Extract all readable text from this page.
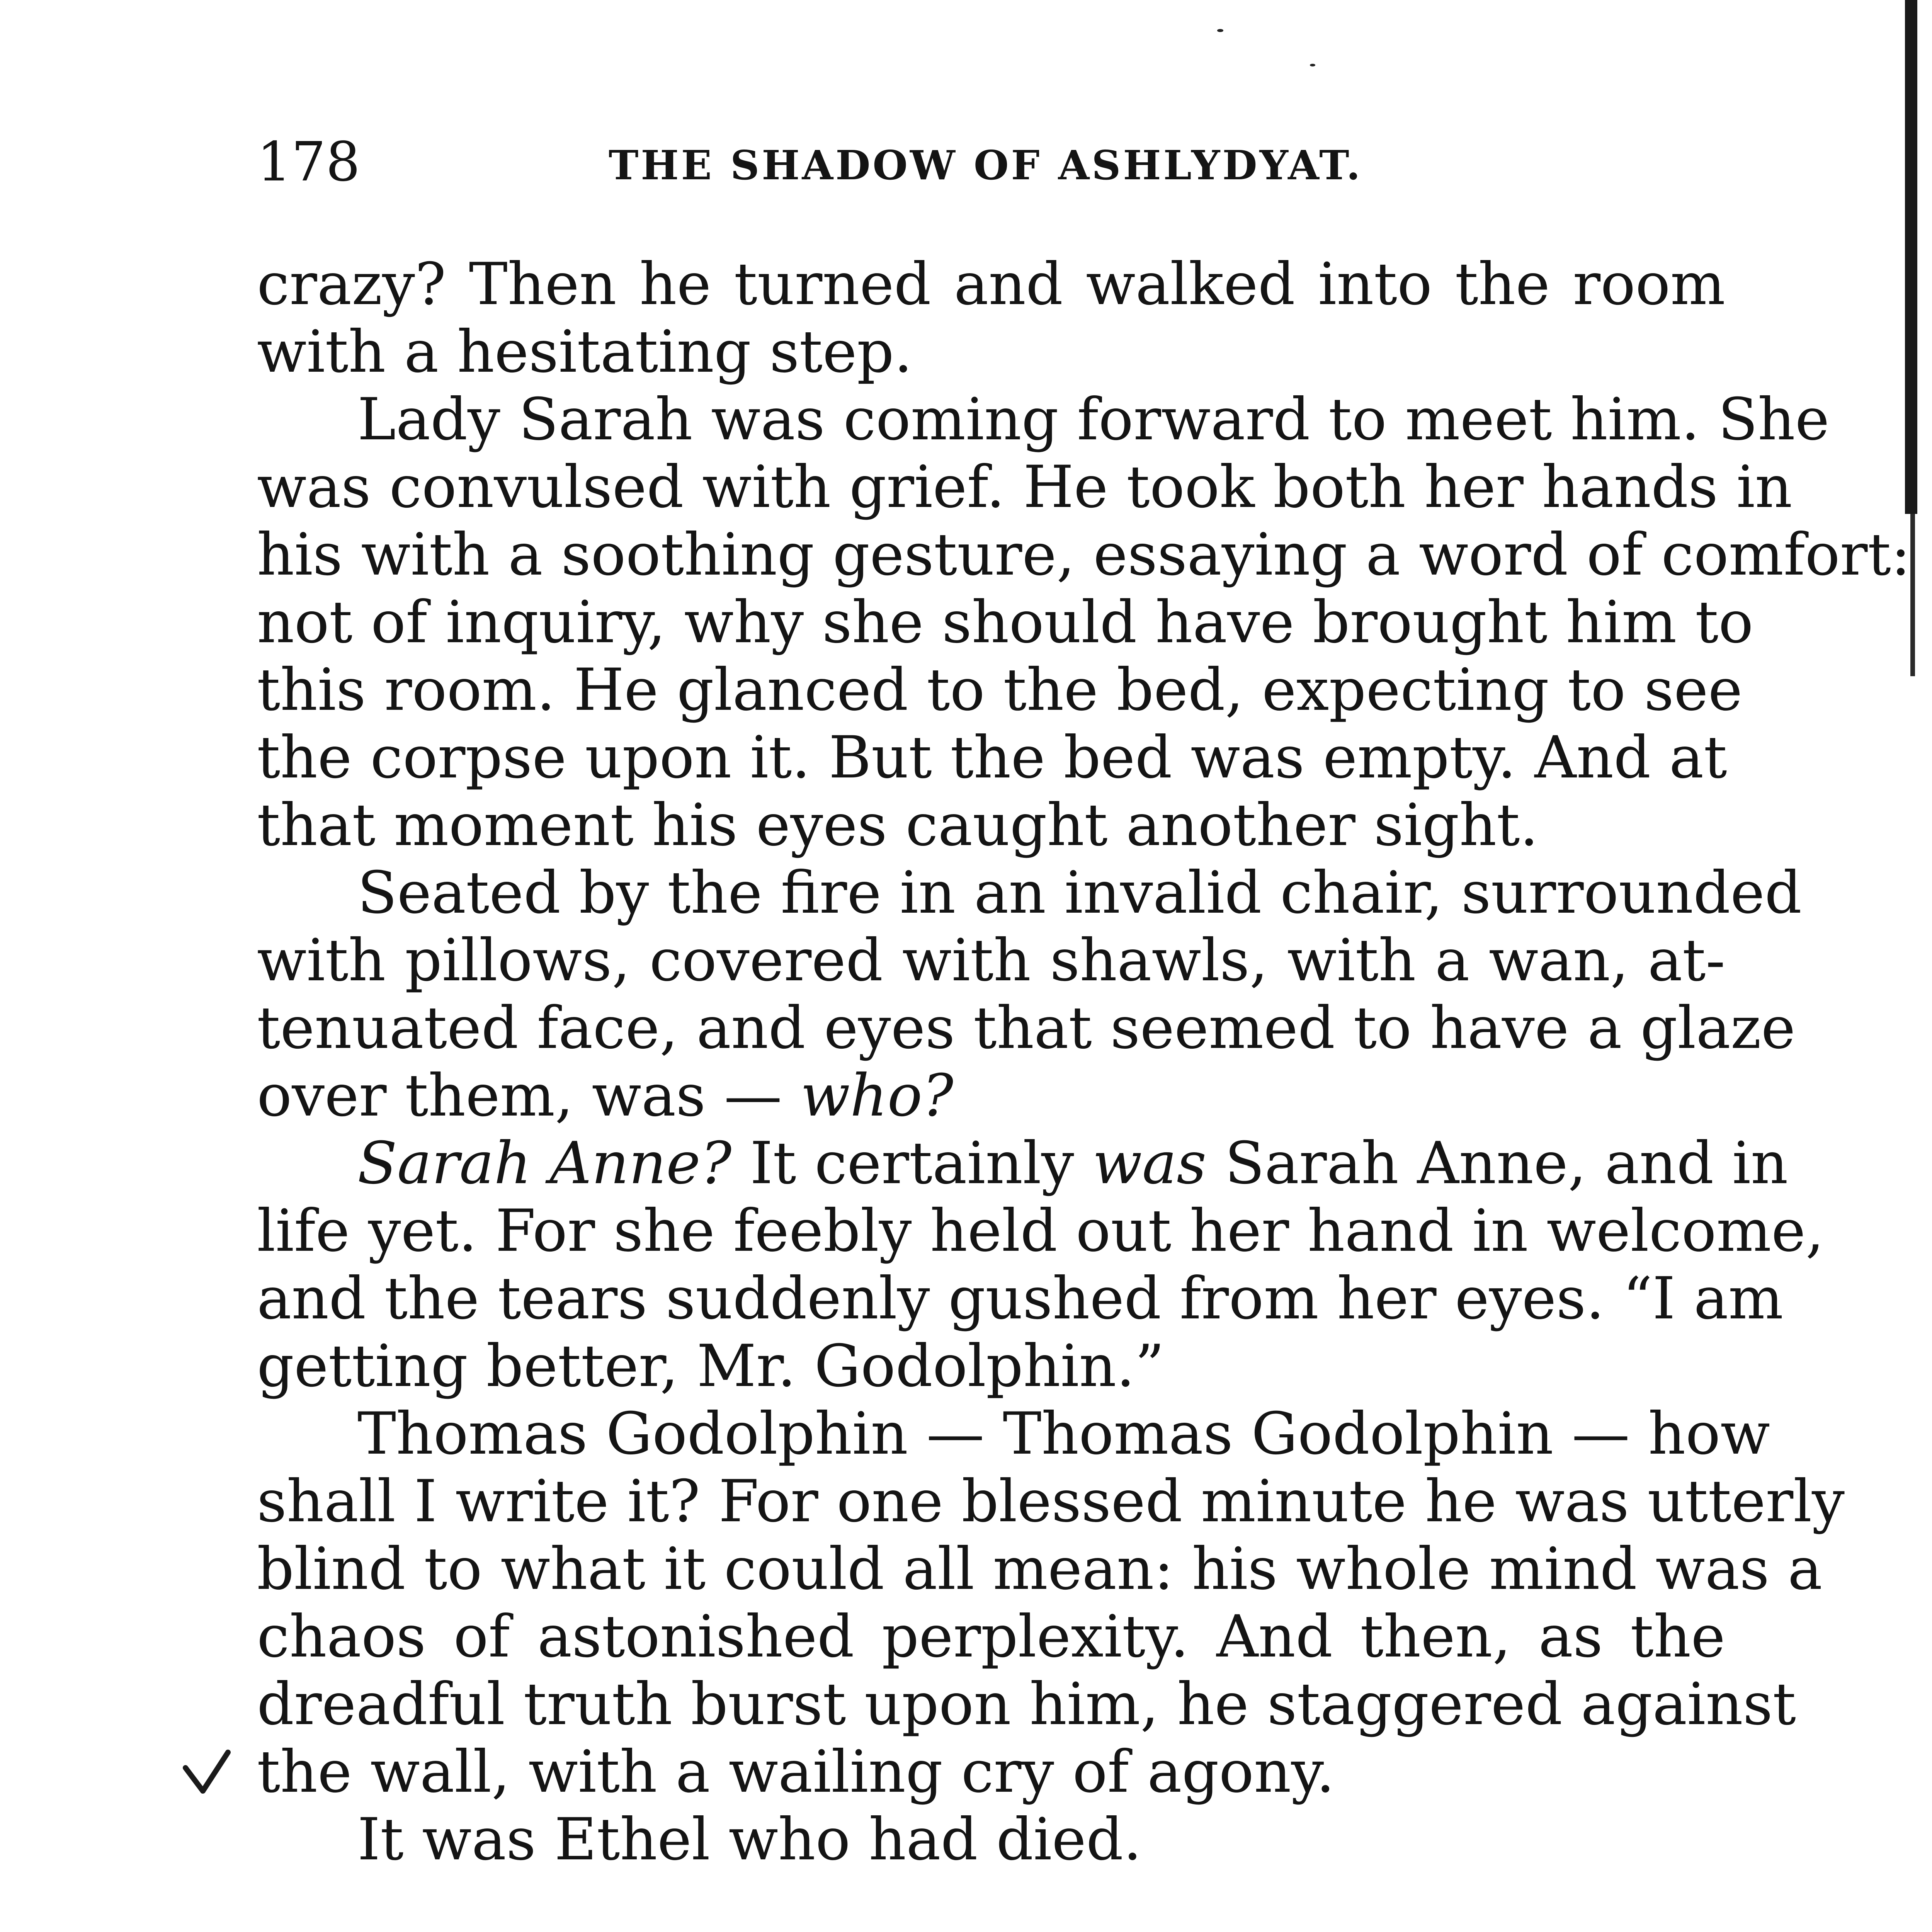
178	THE SHADOW OF ASHLYDYAT.
crazy? Then he turned and walked into the room
with a hesitating step.
Lady Sarah was coming forward to meet him. She
was convulsed with grief. He took both her hands in
his with a soothing gesture, essaying a word of comfort:
not of inquiry, why she should have brought him to
this room. He glanced to the bed, expecting to see
the corpse upon it. But the bed was empty. And at
that moment his eyes caught another sight.
Seated by the fire in an invalid chair, surrounded
with pillows, covered with shawls, with a wan, at-
tenuated face, and eyes that seemed to have a glaze
over them, was — who?
Sarah Anne? It certainly was Sarah Anne, and in
life yet. For she feebly held out her hand in welcome,
and the tears suddenly gushed from her eyes. “I am
getting better, Mr. Godolphin.”
Thomas Godolphin — Thomas Godolphin — how
shall I write it? For one blessed minute he was utterly
blind to what it could all mean: his whole mind was a
chaos of astonished perplexity. And then, as the
dreadful truth burst upon him, he staggered against
the wall, with a wailing cry of agony.
It was Ethel who had died.
